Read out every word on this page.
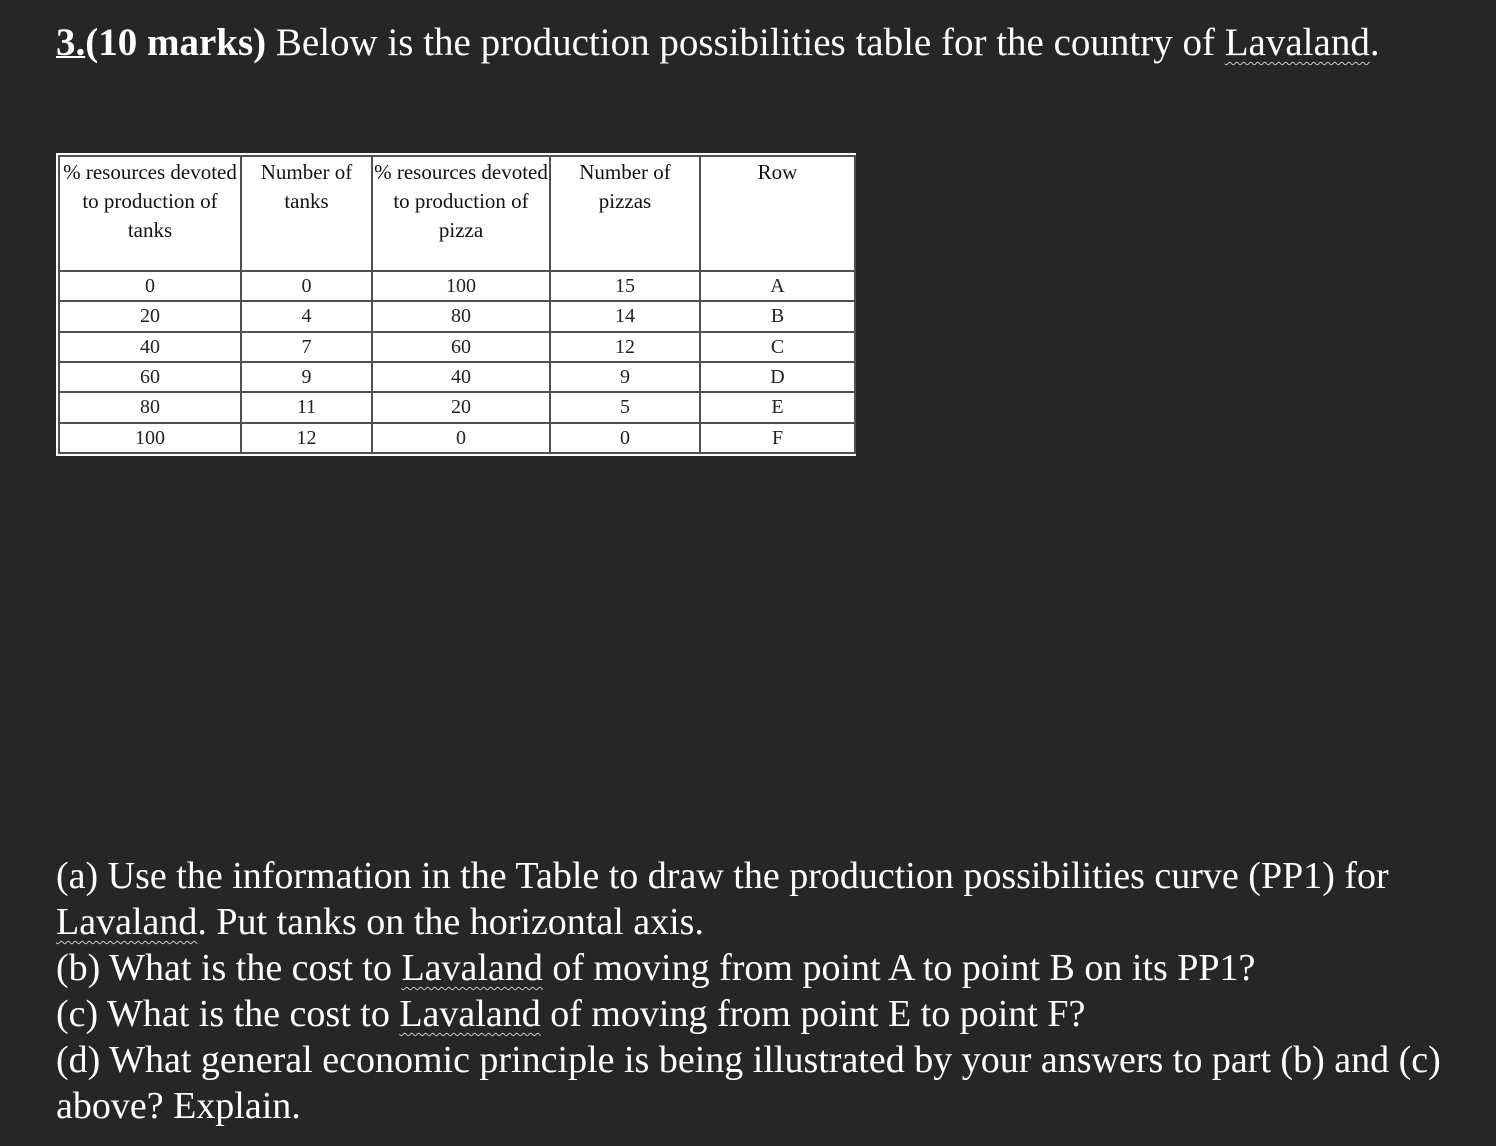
3.(10 marks) Below is the production possibilities table for the country of Lavaland.
% resources devoted to production of tanks	Number of tanks	% resources devoted to production of pizza	Number of pizzas	Row
0	0	100	15	A
20	4	80	14	B
40	7	60	12	C
60	9	40	9	D
80	11	20	5	E
100	12	0	0	F

(a) Use the information in the Table to draw the production possibilities curve (PP1) for Lavaland. Put tanks on the horizontal axis.

(b) What is the cost to Lavaland of moving from point A to point B on its PP1?

(c) What is the cost to Lavaland of moving from point E to point F?

(d) What general economic principle is being illustrated by your answers to part (b) and (c) above? Explain.
